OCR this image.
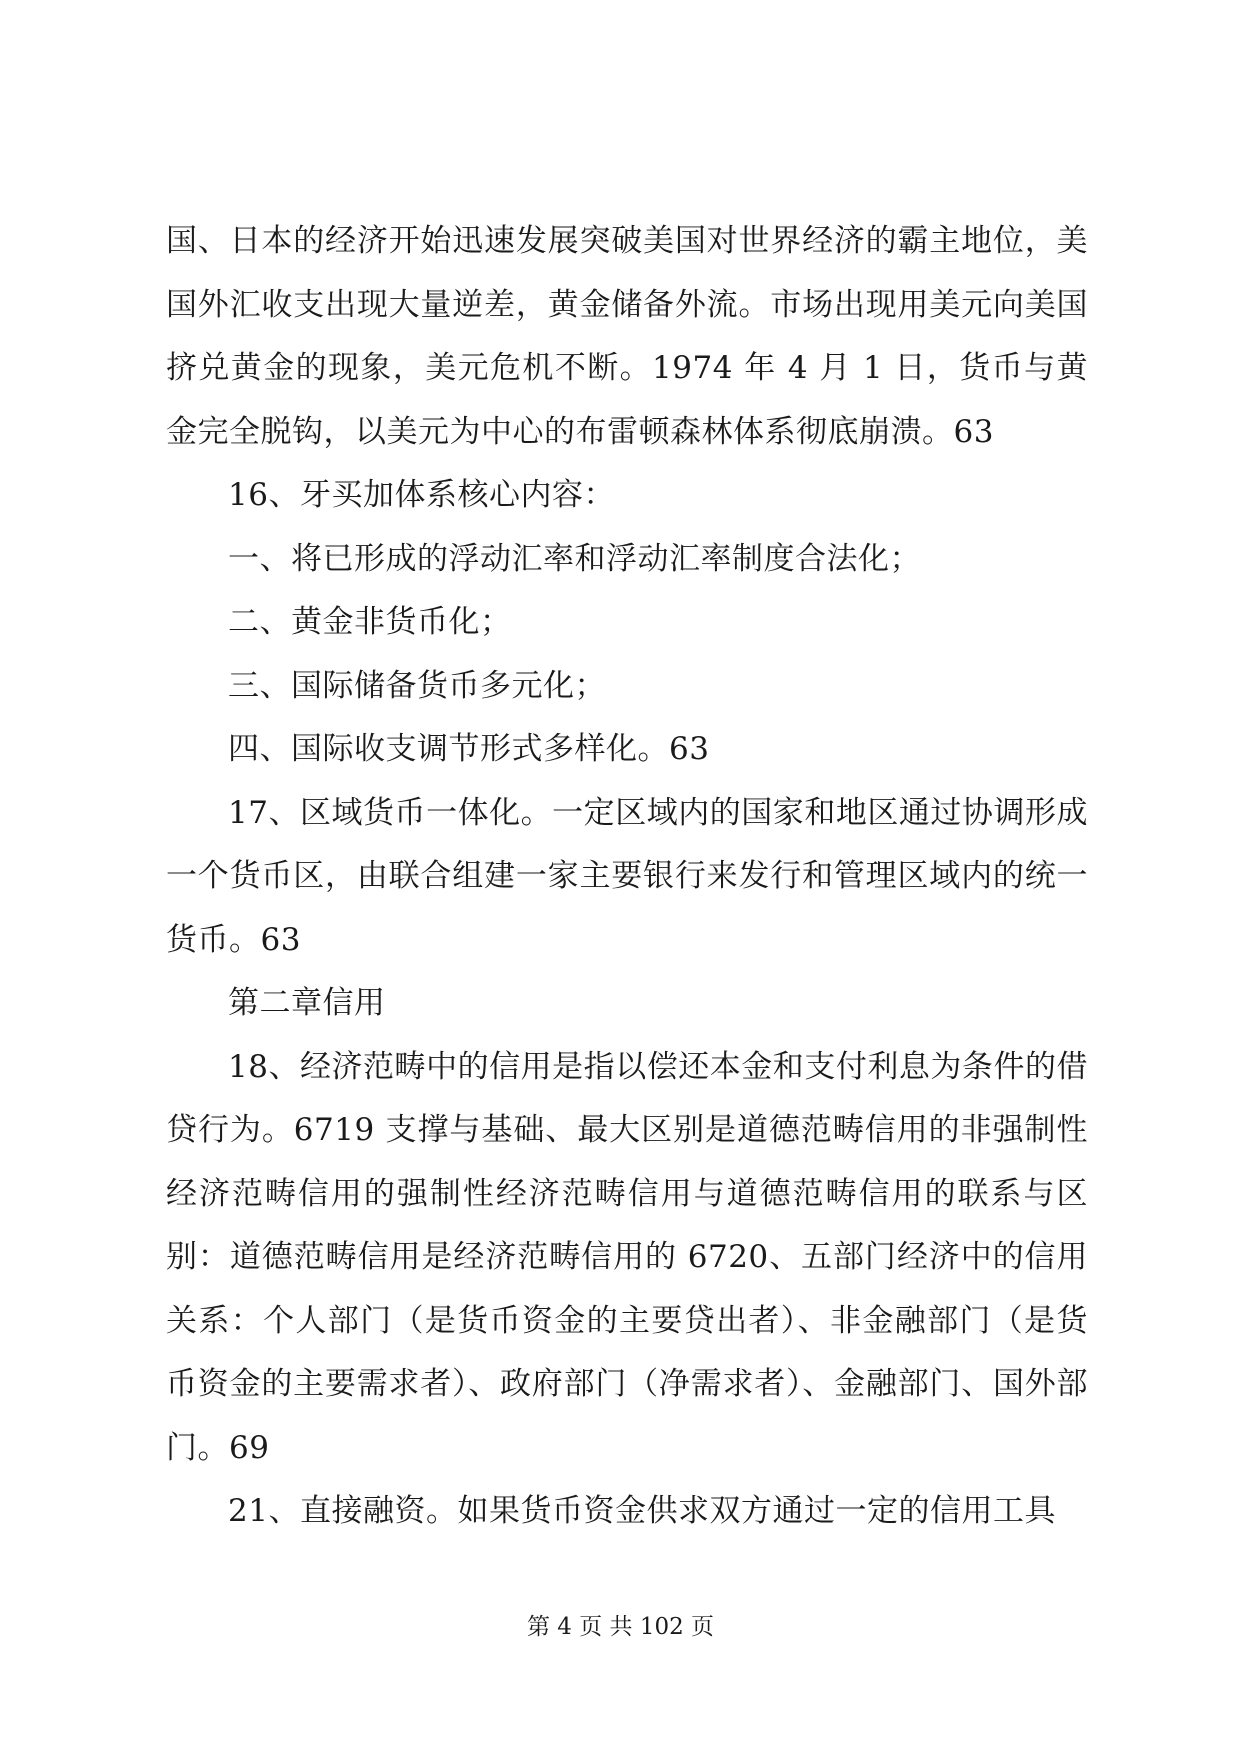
国、日本的经济开始迅速发展突破美国对世界经济的霸主地位，美国外汇收支出现大量逆差，黄金储备外流。市场出现用美元向美国挤兑黄金的现象，美元危机不断。1974 年 4 月 1 日，货币与黄金完全脱钩，以美元为中心的布雷顿森林体系彻底崩溃。63

16、牙买加体系核心内容：

一、将已形成的浮动汇率和浮动汇率制度合法化；

二、黄金非货币化；

三、国际储备货币多元化；

四、国际收支调节形式多样化。63

17、区域货币一体化。一定区域内的国家和地区通过协调形成一个货币区，由联合组建一家主要银行来发行和管理区域内的统一货币。63

第二章信用

18、经济范畴中的信用是指以偿还本金和支付利息为条件的借贷行为。6719 支撑与基础、最大区别是道德范畴信用的非强制性经济范畴信用的强制性经济范畴信用与道德范畴信用的联系与区别：道德范畴信用是经济范畴信用的 6720、五部门经济中的信用关系：个人部门（是货币资金的主要贷出者）、非金融部门（是货币资金的主要需求者）、政府部门（净需求者）、金融部门、国外部门。69

21、直接融资。如果货币资金供求双方通过一定的信用工具

第 4 页 共 102 页
